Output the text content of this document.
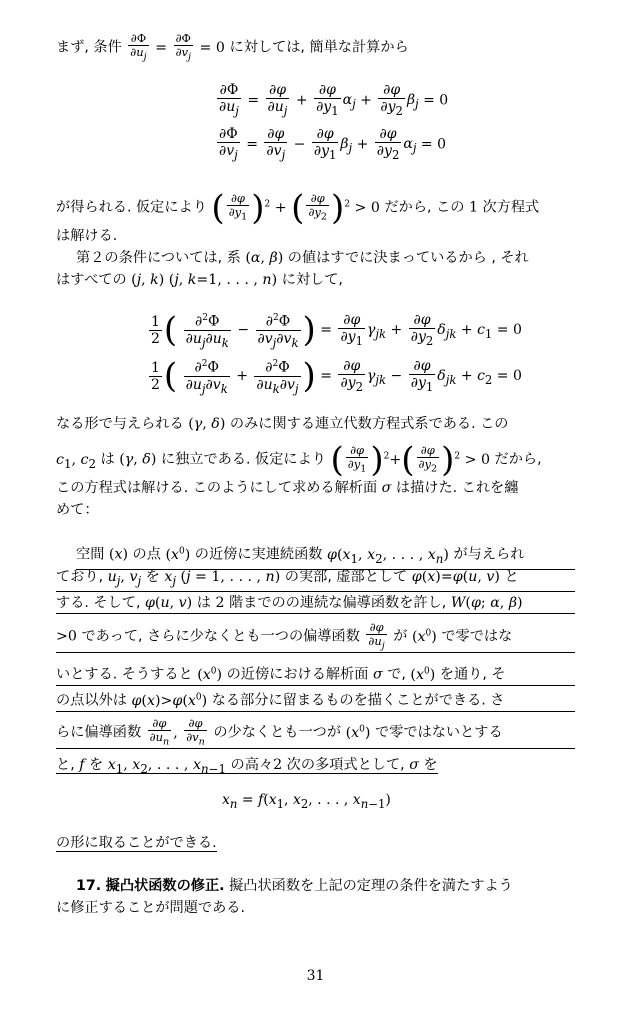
まず, 条件 $\frac{\partial\Phi}{\partial u_j} = \frac{\partial\Phi}{\partial v_j} = 0$ に対しては, 簡単な計算から
$\frac{\partial\Phi}{\partial u_j} = \frac{\partial\varphi}{\partial u_j} + \frac{\partial\varphi}{\partial y_1} \alpha_j + \frac{\partial\varphi}{\partial y_2} \beta_j = 0$
$\frac{\partial\Phi}{\partial v_j} = \frac{\partial\varphi}{\partial v_j} - \frac{\partial\varphi}{\partial y_1} \beta_j + \frac{\partial\varphi}{\partial y_2} \alpha_j = 0$
が得られる. 仮定により ( $\frac{\partial\varphi}{\partial y_1} )^2$ + ( $\frac{\partial\varphi}{\partial y_2} )^2 > 0$ だから, この 1 次方程式
は解ける.
第２の条件については, 系 (α, β) の値はすでに決まっているから , それ
はすべての (j, k) (j, k=1, . . . , n) に対して,
$\frac{1}{2}$ ( $\frac{\partial^2\Phi}{\partial u_j\partial u_k} - \frac{\partial^2\Phi}{\partial v_j\partial v_k}$ ) = $\frac{\partial\varphi}{\partial y_1} \gamma_{jk} + \frac{\partial\varphi}{\partial y_2} \delta_{jk} + c_1 = 0$
$\frac{1}{2}$ ( $\frac{\partial^2\Phi}{\partial u_j\partial v_k} + \frac{\partial^2\Phi}{\partial u_k\partial v_j}$ ) = $\frac{\partial\varphi}{\partial y_2} \gamma_{jk} - \frac{\partial\varphi}{\partial y_1} \delta_{jk} + c_2 = 0$
なる形で与えられる (γ, δ) のみに関する連立代数方程式系である. この
$c_1$, $c_2$ は (γ, δ) に独立である. 仮定により ( $\frac{\partial\varphi}{\partial y_1} )^2+( \frac{\partial\varphi}{\partial y_2} )^2 > 0$ だから,
この方程式は解ける. このようにして求める解析面 σ は描けた. これを纏
めて：
空間 (x) の点 $(x^0)$ の近傍に実連続函数 $\varphi(x_1$, $x_2$, . . . , $x_n$) が与えられ
ており, $u_j$, $v_j$ を $x_j$ (j = 1, . . . , n) の実部, 虚部として φ(x)=φ(u, v) と
する. そして, φ(u, v) は 2 階までのの連続な偏導函数を許し, W(φ; α, β)
>0 であって, さらに少なくとも一つの偏導函数 $\frac{\partial\varphi}{\partial u_j}$ が $(x^0)$ で零ではな
いとする. そうすると $(x^0)$ の近傍における解析面 σ で, $(x^0)$ を通り, そ
の点以外は $\varphi(x)>\varphi(x^0)$ なる部分に留まるものを描くことができる. さ
らに偏導函数 $\frac{\partial\varphi}{\partial u_n}$ , $\frac{\partial\varphi}{\partial v_n}$ の少なくとも一つが $(x^0)$ で零ではないとする
と, f を $x_1$, $x_2$, . . . , $x_{n-1}$ の高々2 次の多項式として, σ を
$x_n = f(x_1$, $x_2$, . . . , $x_{n-1}$)
の形に取ることができる.
17. 擬凸状函数の修正. 擬凸状函数を上記の定理の条件を満たすよう
に修正することが問題である.
31
